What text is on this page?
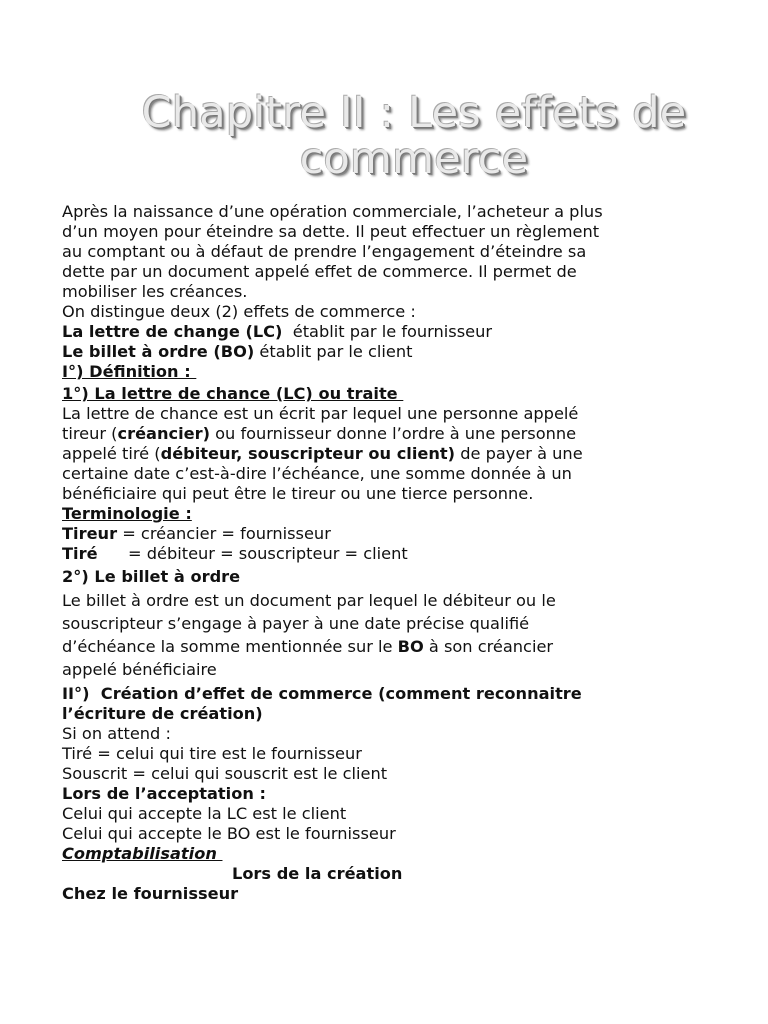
Chapitre II : Les effets de
commerce
Après la naissance d’une opération commerciale, l’acheteur a plus
d’un moyen pour éteindre sa dette. Il peut effectuer un règlement
au comptant ou à défaut de prendre l’engagement d’éteindre sa
dette par un document appelé effet de commerce. Il permet de
mobiliser les créances.
On distingue deux (2) effets de commerce :
La lettre de change (LC)  établit par le fournisseur
Le billet à ordre (BO) établit par le client
I°) Définition :
1°) La lettre de chance (LC) ou traite
La lettre de chance est un écrit par lequel une personne appelé
tireur (créancier) ou fournisseur donne l’ordre à une personne
appelé tiré (débiteur, souscripteur ou client) de payer à une
certaine date c’est-à-dire l’échéance, une somme donnée à un
bénéficiaire qui peut être le tireur ou une tierce personne.
Terminologie :
Tireur = créancier = fournisseur
Tiré = débiteur = souscripteur = client
2°) Le billet à ordre
Le billet à ordre est un document par lequel le débiteur ou le
souscripteur s’engage à payer à une date précise qualifié
d’échéance la somme mentionnée sur le BO à son créancier
appelé bénéficiaire
II°)  Création d’effet de commerce (comment reconnaitre
l’écriture de création)
Si on attend :
Tiré = celui qui tire est le fournisseur
Souscrit = celui qui souscrit est le client
Lors de l’acceptation :
Celui qui accepte la LC est le client
Celui qui accepte le BO est le fournisseur
Comptabilisation
Lors de la création
Chez le fournisseur
